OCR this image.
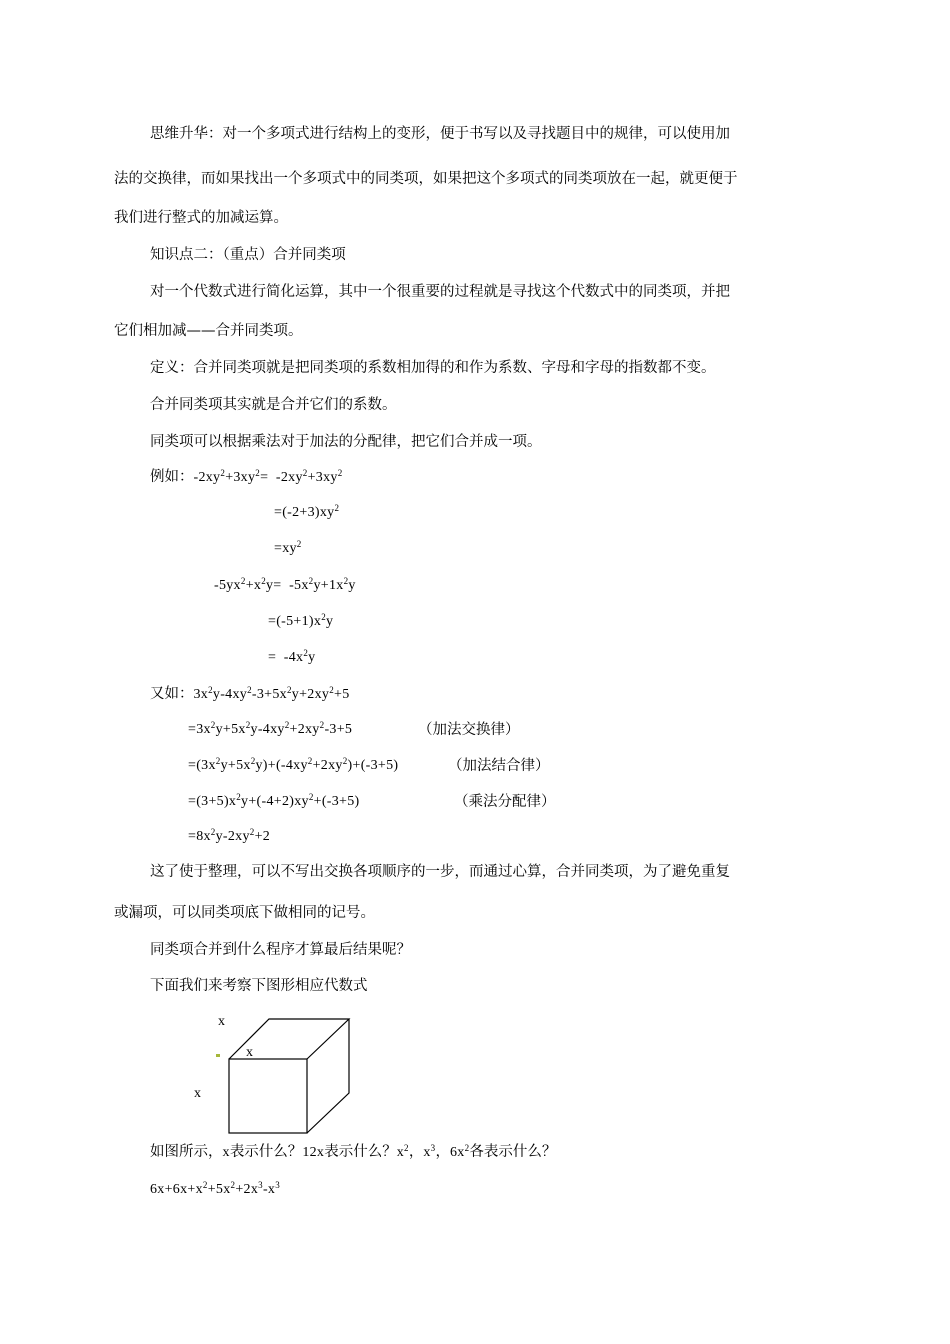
思维升华：对一个多项式进行结构上的变形，便于书写以及寻找题目中的规律，可以使用加
法的交换律，而如果找出一个多项式中的同类项，如果把这个多项式的同类项放在一起，就更便于
我们进行整式的加减运算。
知识点二：（重点）合并同类项
对一个代数式进行简化运算，其中一个很重要的过程就是寻找这个代数式中的同类项，并把
它们相加减——合并同类项。
定义：合并同类项就是把同类项的系数相加得的和作为系数、字母和字母的指数都不变。
合并同类项其实就是合并它们的系数。
同类项可以根据乘法对于加法的分配律，把它们合并成一项。
例如：$-2xy^2+3xy^2= -2xy^2+3xy^2$
$=(-2+3)xy^2$
$=xy^2$
$-5yx^2+x^2y= -5x^2y+1x^2y$
$=(-5+1)x^2y$
=  $-4x^2y$
又如：$3x^2y-4xy^2-3+5x^2y+2xy^2+5$
$=3x^2y+5x^2y-4xy^2+2xy^2-3+5$	（加法交换律）
$=(3x^2y+5x^2y)+(-4xy^2+2xy^2)+(-3+5)$	（加法结合律）
$=(3+5)x^2y+(-4+2)xy^2+(-3+5)$	（乘法分配律）
$=8x^2y-2xy^2+2$
这了使于整理，可以不写出交换各项顺序的一步，而通过心算，合并同类项，为了避免重复
或漏项，可以同类项底下做相同的记号。
同类项合并到什么程序才算最后结果呢？
下面我们来考察下图形相应代数式
x
x
x
如图所示，x表示什么？12x表示什么？$x^2$，$x^3$，$6x^2$各表示什么？
$6x+6x+x^2+5x^2+2x^3-x^3$
